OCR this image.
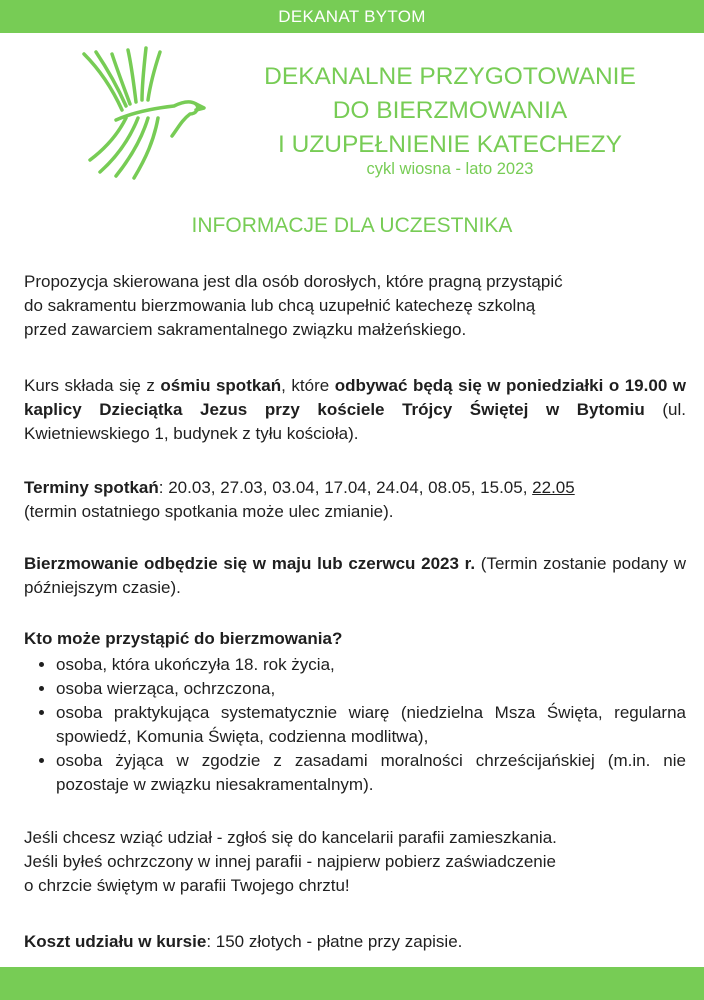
DEKANAT BYTOM
DEKANALNE PRZYGOTOWANIE
DO BIERZMOWANIA
I UZUPEŁNIENIE KATECHEZY
cykl wiosna - lato 2023
INFORMACJE DLA UCZESTNIKA
Propozycja skierowana jest dla osób dorosłych, które pragną przystąpić
do sakramentu bierzmowania lub chcą uzupełnić katechezę szkolną
przed zawarciem sakramentalnego związku małżeńskiego.

Kurs składa się z ośmiu spotkań, które odbywać będą się w poniedziałki o 19.00 w kaplicy Dzieciątka Jezus przy kościele Trójcy Świętej w Bytomiu (ul. Kwietniewskiego 1, budynek z tyłu kościoła).

Terminy spotkań: 20.03, 27.03, 03.04, 17.04, 24.04, 08.05, 15.05, 22.05
(termin ostatniego spotkania może ulec zmianie).

Bierzmowanie odbędzie się w maju lub czerwcu 2023 r. (Termin zostanie podany w późniejszym czasie).

Kto może przystąpić do bierzmowania?
• osoba, która ukończyła 18. rok życia,
• osoba wierząca, ochrzczona,
• osoba praktykująca systematycznie wiarę (niedzielna Msza Święta, regularna spowiedź, Komunia Święta, codzienna modlitwa),
• osoba żyjąca w zgodzie z zasadami moralności chrześcijańskiej (m.in. nie pozostaje w związku niesakramentalnym).
Jeśli chcesz wziąć udział - zgłoś się do kancelarii parafii zamieszkania.
Jeśli byłeś ochrzczony w innej parafii - najpierw pobierz zaświadczenie
o chrzcie świętym w parafii Twojego chrztu!
Koszt udziału w kursie: 150 złotych - płatne przy zapisie.
